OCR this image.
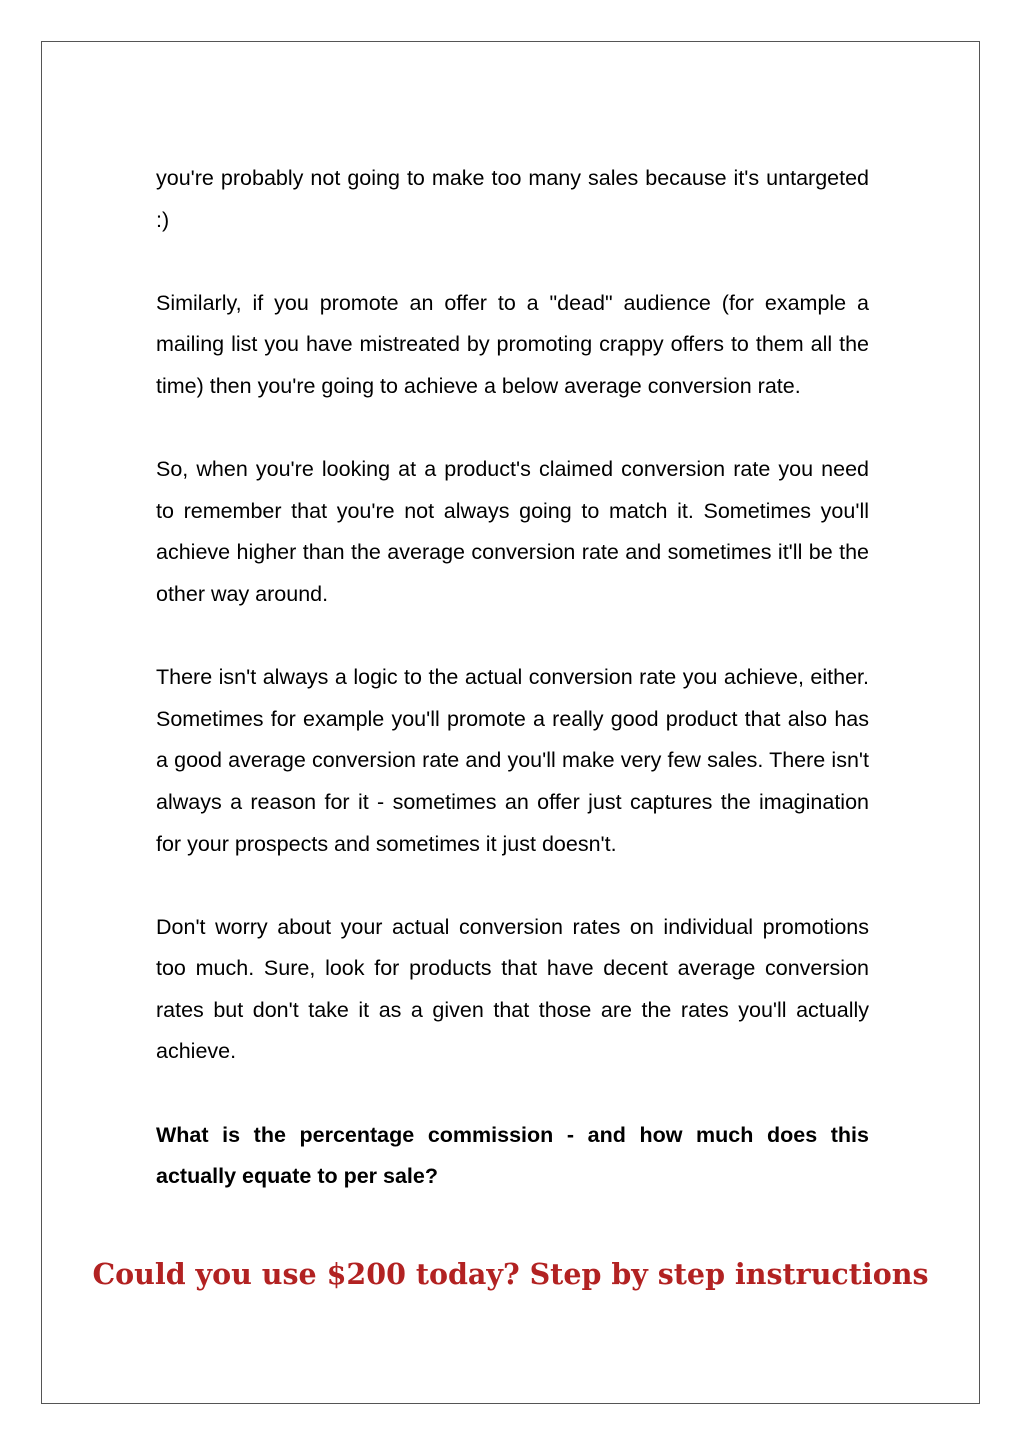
you're probably not going to make too many sales because it's untargeted :)

Similarly, if you promote an offer to a "dead" audience (for example a mailing list you have mistreated by promoting crappy offers to them all the time) then you're going to achieve a below average conversion rate.

So, when you're looking at a product's claimed conversion rate you need to remember that you're not always going to match it. Sometimes you'll achieve higher than the average conversion rate and sometimes it'll be the other way around.

There isn't always a logic to the actual conversion rate you achieve, either. Sometimes for example you'll promote a really good product that also has a good average conversion rate and you'll make very few sales. There isn't always a reason for it - sometimes an offer just captures the imagination for your prospects and sometimes it just doesn't.

Don't worry about your actual conversion rates on individual promotions too much. Sure, look for products that have decent average conversion rates but don't take it as a given that those are the rates you'll actually achieve.

What is the percentage commission - and how much does this actually equate to per sale?

Could you use $200 today? Step by step instructions
